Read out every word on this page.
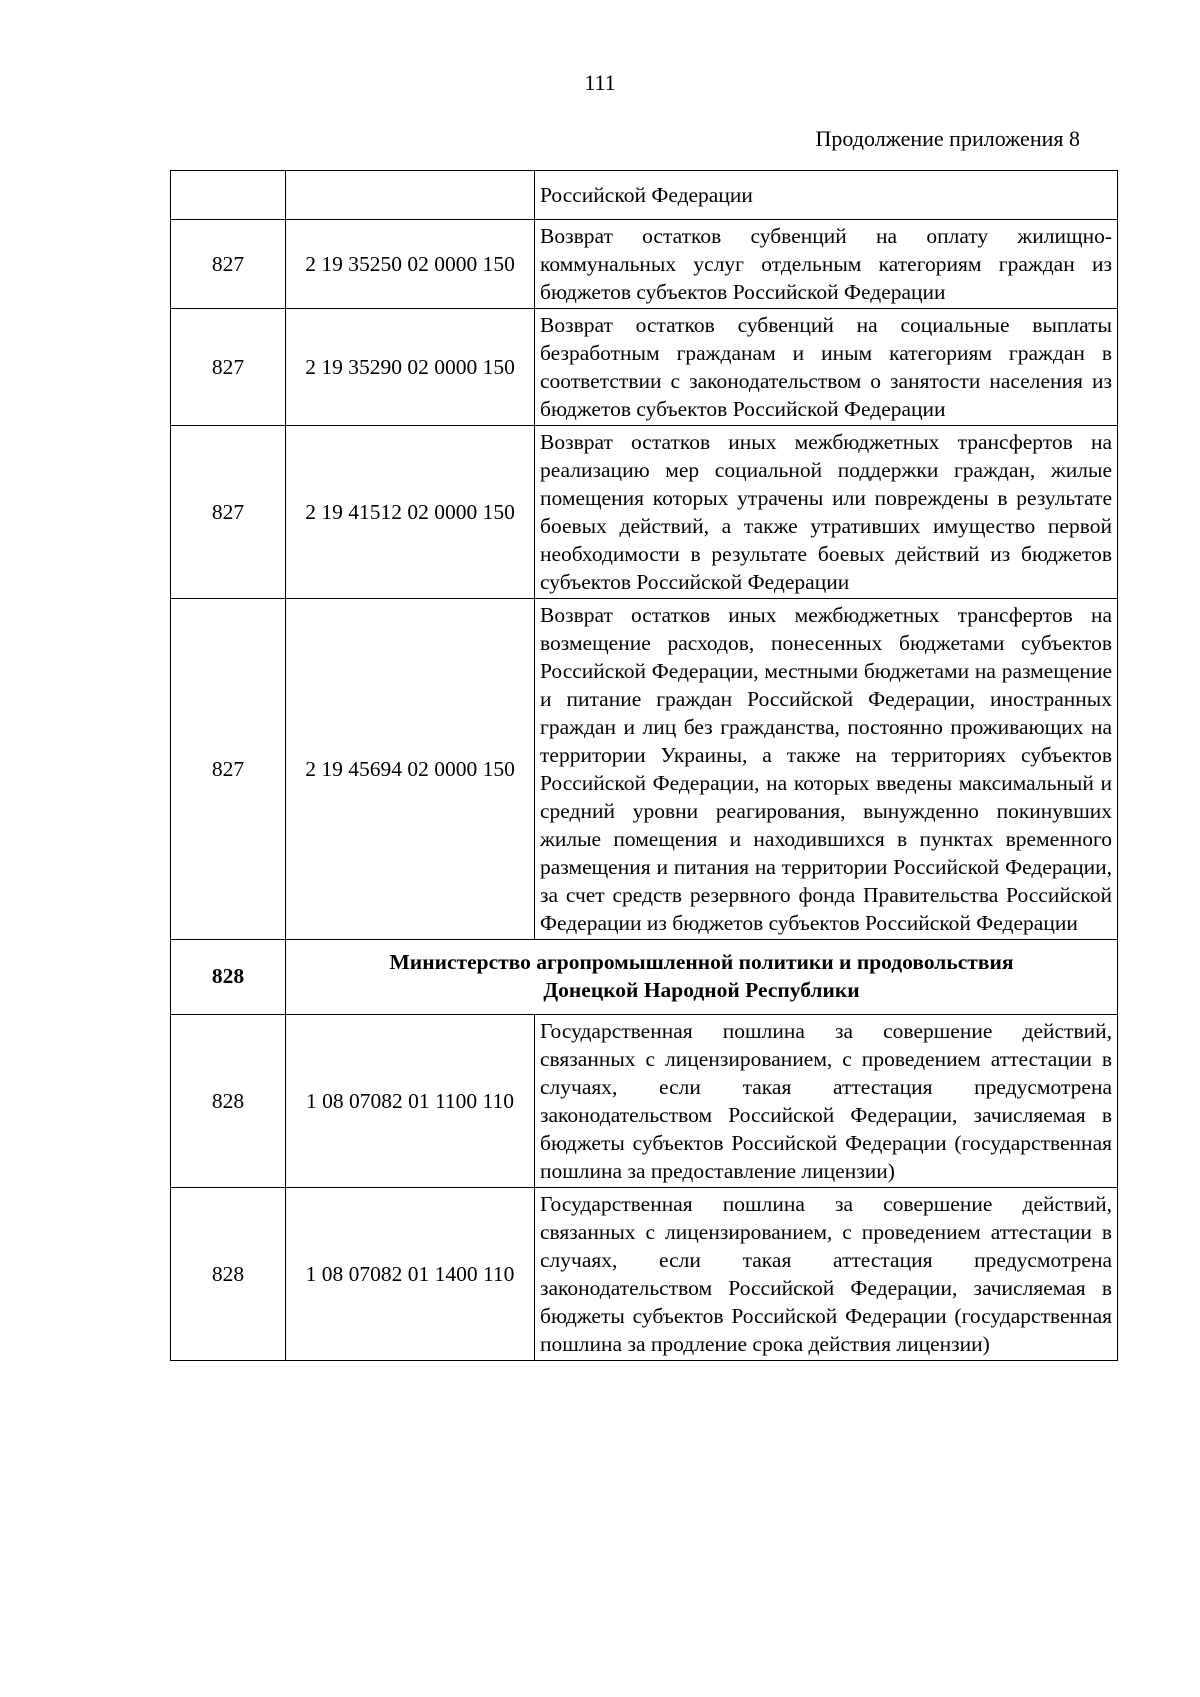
111
Продолжение приложения 8
		Российской Федерации
827	2 19 35250 02 0000 150	Возврат остатков субвенций на оплату жилищно-коммунальных услуг отдельным категориям граждан из бюджетов субъектов Российской Федерации
827	2 19 35290 02 0000 150	Возврат остатков субвенций на социальные выплаты безработным гражданам и иным категориям граждан в соответствии с законодательством о занятости населения из бюджетов субъектов Российской Федерации
827	2 19 41512 02 0000 150	Возврат остатков иных межбюджетных трансфертов на реализацию мер социальной поддержки граждан, жилые помещения которых утрачены или повреждены в результате боевых действий, а также утративших имущество первой необходимости в результате боевых действий из бюджетов субъектов Российской Федерации
827	2 19 45694 02 0000 150	Возврат остатков иных межбюджетных трансфертов на возмещение расходов, понесенных бюджетами субъектов Российской Федерации, местными бюджетами на размещение и питание граждан Российской Федерации, иностранных граждан и лиц без гражданства, постоянно проживающих на территории Украины, а также на территориях субъектов Российской Федерации, на которых введены максимальный и средний уровни реагирования, вынужденно покинувших жилые помещения и находившихся в пунктах временного размещения и питания на территории Российской Федерации, за счет средств резервного фонда Правительства Российской Федерации из бюджетов субъектов Российской Федерации
828	Министерство агропромышленной политики и продовольствия
Донецкой Народной Республики	
828	1 08 07082 01 1100 110	Государственная пошлина за совершение действий, связанных с лицензированием, с проведением аттестации в случаях, если такая аттестация предусмотрена законодательством Российской Федерации, зачисляемая в бюджеты субъектов Российской Федерации (государственная пошлина за предоставление лицензии)
828	1 08 07082 01 1400 110	Государственная пошлина за совершение действий, связанных с лицензированием, с проведением аттестации в случаях, если такая аттестация предусмотрена законодательством Российской Федерации, зачисляемая в бюджеты субъектов Российской Федерации (государственная пошлина за продление срока действия лицензии)
